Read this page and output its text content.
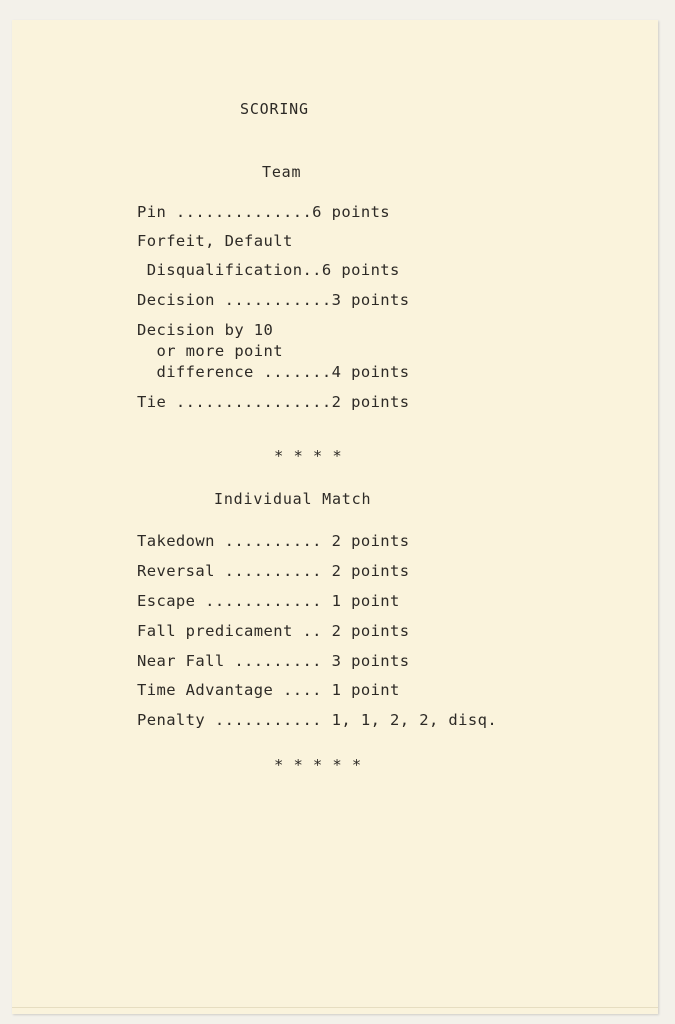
SCORING
Team
Pin ..............6 points
Forfeit, Default
Disqualification..6 points
Decision ...........3 points
Decision by 10
or more point
difference .......4 points
Tie ................2 points
* * * *
Individual Match
Takedown .......... 2 points
Reversal .......... 2 points
Escape ............ 1 point
Fall predicament .. 2 points
Near Fall ......... 3 points
Time Advantage .... 1 point
Penalty ........... 1, 1, 2, 2, disq.
* * * * *
